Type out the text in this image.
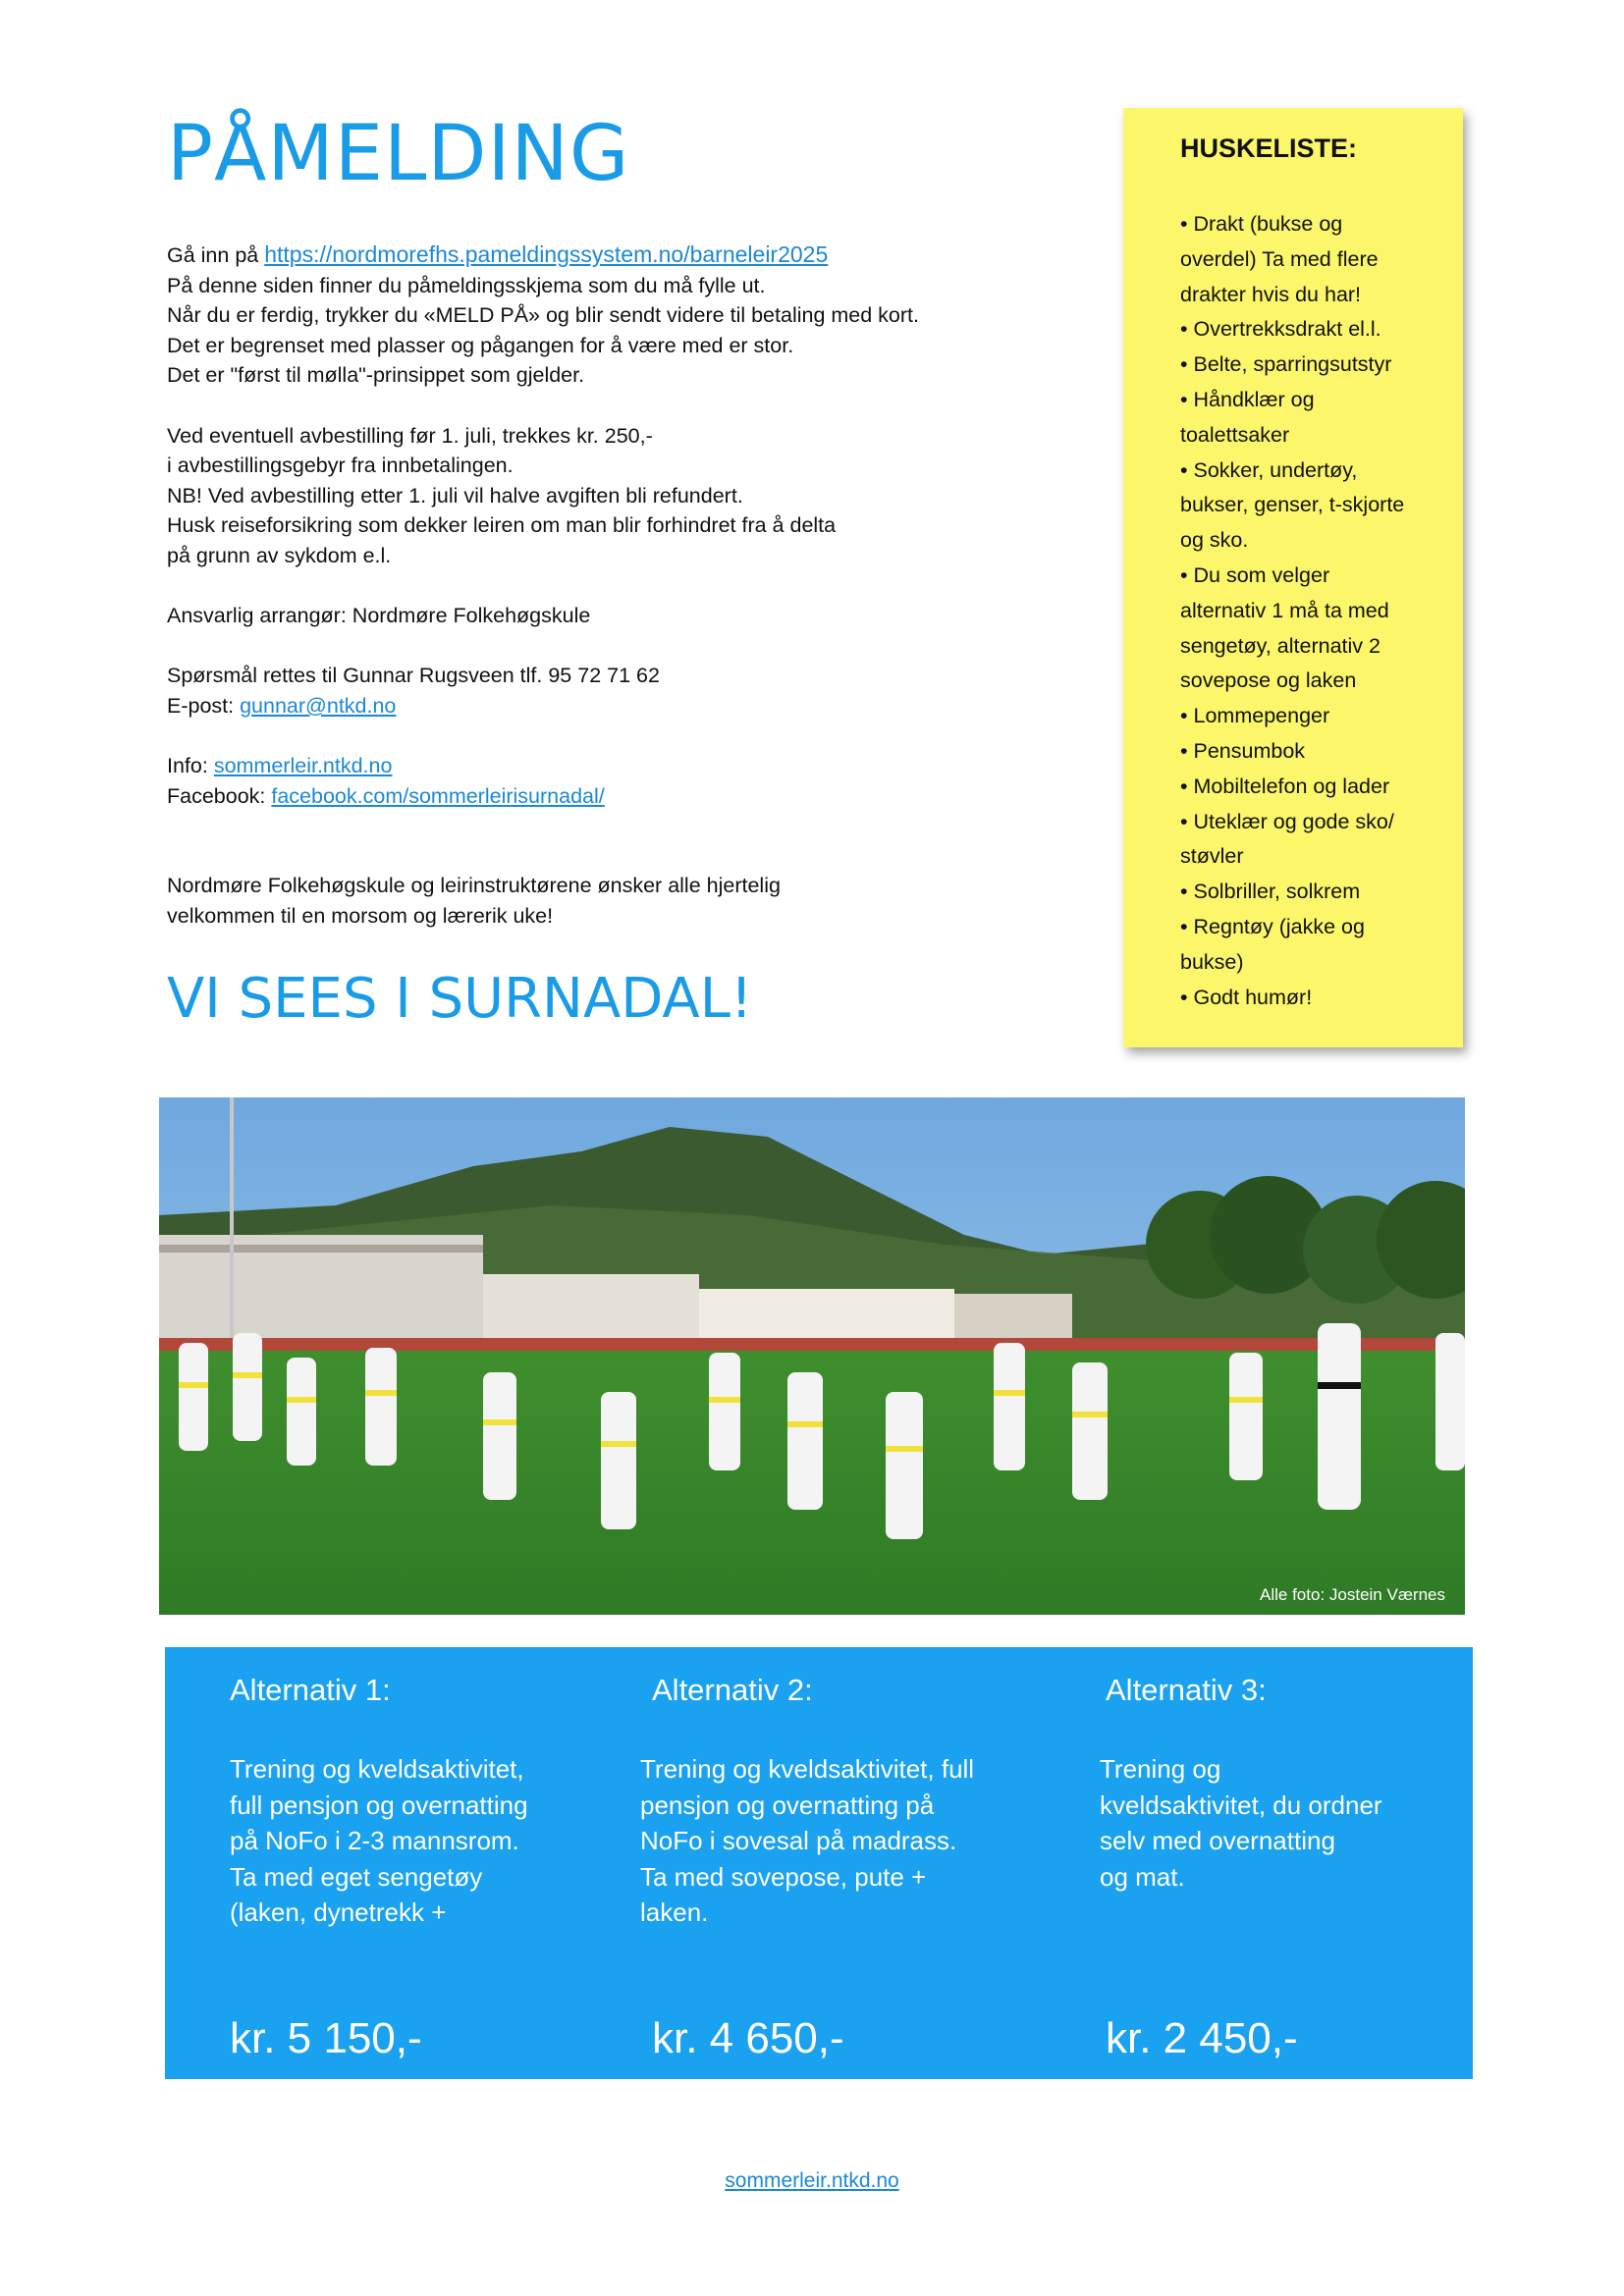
PÅMELDING

Gå inn på https://nordmorefhs.pameldingssystem.no/barneleir2025

På denne siden finner du påmeldingsskjema som du må fylle ut.

Når du er ferdig, trykker du «MELD PÅ» og blir sendt videre til betaling med kort.

Det er begrenset med plasser og pågangen for å være med er stor.

Det er "først til mølla"-prinsippet som gjelder.

Ved eventuell avbestilling før 1. juli, trekkes kr. 250,-

i avbestillingsgebyr fra innbetalingen.

NB! Ved avbestilling etter 1. juli vil halve avgiften bli refundert.

Husk reiseforsikring som dekker leiren om man blir forhindret fra å delta

på grunn av sykdom e.l.

Ansvarlig arrangør: Nordmøre Folkehøgskule

Spørsmål rettes til Gunnar Rugsveen tlf. 95 72 71 62

E-post: gunnar@ntkd.no

Info: sommerleir.ntkd.no

Facebook: facebook.com/sommerleirisurnadal/

Nordmøre Folkehøgskule og leirinstruktørene ønsker alle hjertelig

velkommen til en morsom og lærerik uke!

VI SEES I SURNADAL!
HUSKELISTE:
• Drakt (bukse og
overdel) Ta med flere
drakter hvis du har!
• Overtrekksdrakt el.l.
• Belte, sparringsutstyr
• Håndklær og
toalettsaker
• Sokker, undertøy,
bukser, genser, t-skjorte
og sko.
• Du som velger
alternativ 1 må ta med
sengetøy, alternativ 2
sovepose og laken
• Lommepenger
• Pensumbok
• Mobiltelefon og lader
• Uteklær og gode sko/
støvler
• Solbriller, solkrem
• Regntøy (jakke og
bukse)
• Godt humør!
Alle foto: Jostein Værnes
Alternativ 1:
Trening og kveldsaktivitet,
full pensjon og overnatting
på NoFo i 2-3 mannsrom.
Ta med eget sengetøy
(laken, dynetrekk +
kr. 5 150,-
Alternativ 2:
Trening og kveldsaktivitet, full
pensjon og overnatting på
NoFo i sovesal på madrass.
Ta med sovepose, pute +
laken.
kr. 4 650,-
Alternativ 3:
Trening og
kveldsaktivitet, du ordner
selv med overnatting
og mat.
kr. 2 450,-
sommerleir.ntkd.no
